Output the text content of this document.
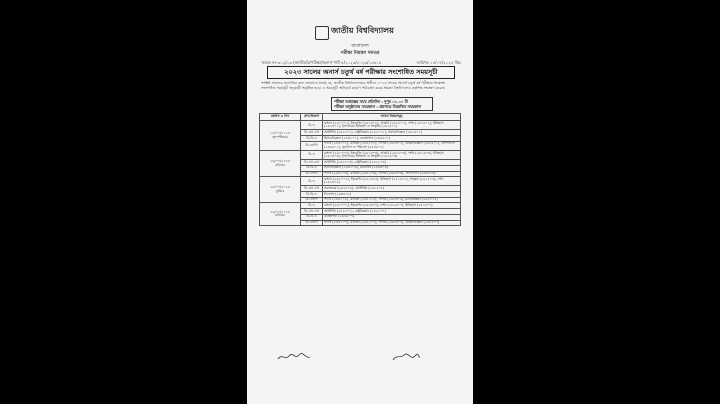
জাতীয় বিশ্ববিদ্যালয়
বাংলাদেশ
পরীক্ষা নিয়ন্ত্রণ দফতর
স্মারক নং-৩০২/১৩ (জাতীয়বি/পরীক্ষা/অনার্স পার্ট-৪/২০২৩/২০২৩/১৩৪১৪	তারিখঃ ১৪/০৭/২০২৪ খ্রিঃ
২০২৩ সালের অনার্স চতুর্থ বর্ষ পরীক্ষার সংশোধিত সময়সূচী
সংশ্লিষ্ট সকলের অবগতির জন্য জানানো যাচ্ছে যে, জাতীয় বিশ্ববিদ্যালয়ের অধীনে ২০২৩ সালের অনার্স চতুর্থ বর্ষ পরীক্ষার নিম্নোক্ত সংশোধিত সময়সূচী অনুযায়ী অনুষ্ঠিত হবে। এ সময়সূচী অনিবার্য কারণে পরিবর্তন করার ক্ষমতা বিশ্ববিদ্যালয় কর্তৃপক্ষ সংরক্ষণ করেন।
পরীক্ষা আরম্ভের সময় প্রতিদিন : দুপুর ০১.০০ টা
পরীক্ষা অনুষ্ঠানের সময়কাল : প্রশ্নপত্রে উল্লেখিত সময়কাল
তারিখ ও দিন	গ্রুপ/বিভাগ	অথবা বিষয়সমূহ

১৮/০৭/২০২৪
বৃহস্পতিবার	বি.এ	বাংলা (২৪১০০১), ইংরেজি (২৪১৩০১), আরবি (২৪১৮০১), দর্শন (২৪১৬০১), ইতিহাস (২৪১৪০১), ইসলামের ইতিহাস ও সংস্কৃতি (২৪১৯০১)
	বি.এস.এস	অর্থনীতি (২৪২২০১), রাষ্ট্রবিজ্ঞান (২৪২১০১), সমাজবিজ্ঞান (২৪২৫০১)
	বি.বি.এ	হিসাববিজ্ঞান (২৪৩১০১), ব্যবস্থাপনা (২৪৩২০১)
	বি.এসসি	পদার্থ (২৪৪১০১), রসায়ন (২৪৪২০১), গণিত (২৪৪৩০১), উদ্ভিদবিজ্ঞান (২৪৪৫০১), প্রাণিবিদ্যা (২৪৪৬০১), ভূগোল ও পরিবেশ (২৪৪৮০১)

২৪/০৭/২০২৪
রবিবার	বি.এ	বাংলা (২৪১০০৩), ইংরেজি (২৪১৩০৩), আরবি (২৪১৮০৩), দর্শন (২৪১৬০৩), ইতিহাস (২৪১৪০৩), ইসলামের ইতিহাস ও সংস্কৃতি (২৪১৯০৩)
	বি.এস.এস	অর্থনীতি (২৪২২০৩), রাষ্ট্রবিজ্ঞান (২৪২১০৩)
	বি.বি.এ	হিসাববিজ্ঞান (২৪৩১০৩), মার্কেটিং (২৪৩৩০৩)
	বি.এসসি	পদার্থ (২৪৪১০৩), রসায়ন (২৪৪২০৩), গণিত (২৪৪৩০৩), প্রাণিবিদ্যা (২৪৪৬০৩)

২৮/০৭/২০২৪
বুধবার	বি.এ	বাংলা (২৪১০০৫), ইংরেজি (২৪১৩০৫), ইতিহাস (২৪১৪০৫), সংস্কৃত (২৪১৫০৫), দর্শন (২৪১৬০৫)
	বি.এস.এস	সমাজকর্ম (২৪২৪০৫), অর্থনীতি (২৪২২০৫)
	বি.বি.এ	ফিন্যান্স (২৪৩৪০৫)
	বি.এসসি	পদার্থ (২৪৪১০৫), রসায়ন (২৪৪২০৫), গণিত (২৪৪৩০৫), মনোবিজ্ঞান (২৪৪৭০৫)

২৯/০৭/২০২৪
রবিবার	বি.এ	বাংলা (২৪১০০৭), ইংরেজি (২৪১৩০৭), দর্শন (২৪১৬০৭), ইতিহাস (২৪১৪০৭)
	বি.এস.এস	অর্থনীতি (২৪২২০৭), রাষ্ট্রবিজ্ঞান (২৪২১০৭)
	বি.বি.এ	ব্যবস্থাপনা (২৪৩২০৭)
	বি.এসসি	পদার্থ (২৪৪১০৭), রসায়ন (২৪৪২০৭), গণিত (২৪৪৩০৭), উদ্ভিদবিজ্ঞান (২৪৪৫০৭)
